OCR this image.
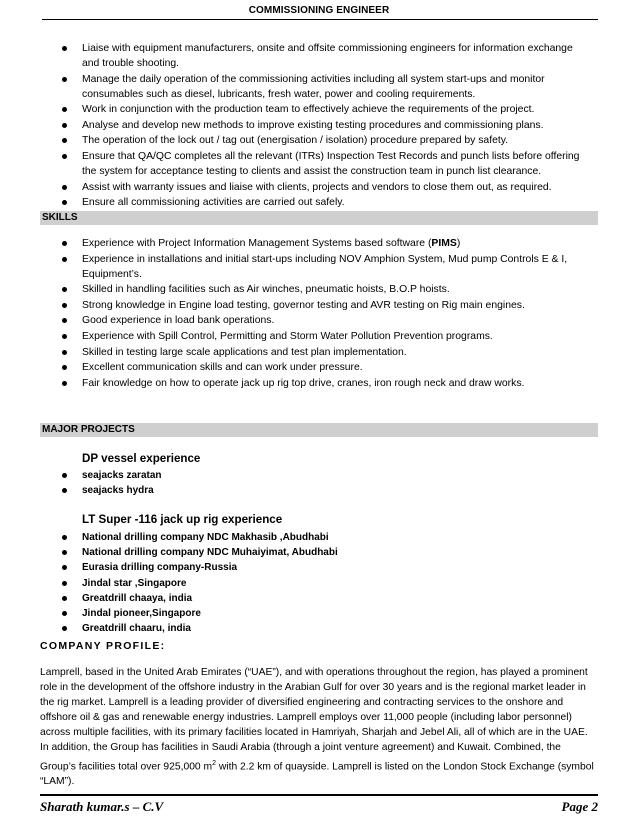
COMMISSIONING ENGINEER
Liaise with equipment manufacturers, onsite and offsite commissioning engineers for information exchange and trouble shooting.
Manage the daily operation of the commissioning activities including all system start-ups and monitor consumables such as diesel, lubricants, fresh water, power and cooling requirements.
Work in conjunction with the production team to effectively achieve the requirements of the project.
Analyse and develop new methods to improve existing testing procedures and commissioning plans.
The operation of the lock out / tag out (energisation / isolation) procedure prepared by safety.
Ensure that QA/QC completes all the relevant (ITRs) Inspection Test Records and punch lists before offering the system for acceptance testing to clients and assist the construction team in punch list clearance.
Assist with warranty issues and liaise with clients, projects and vendors to close them out, as required.
Ensure all commissioning activities are carried out safely.
SKILLS
Experience with Project Information Management Systems based software (PIMS)
Experience in installations and initial start-ups including NOV Amphion System, Mud pump Controls E & I, Equipment’s.
Skilled in handling facilities such as Air winches, pneumatic hoists, B.O.P hoists.
Strong knowledge in Engine load testing, governor testing and AVR testing on Rig main engines.
Good experience in load bank operations.
Experience with Spill Control, Permitting and Storm Water Pollution Prevention programs.
Skilled in testing large scale applications and test plan implementation.
Excellent communication skills and can work under pressure.
Fair knowledge on how to operate jack up rig top drive, cranes, iron rough neck and draw works.
MAJOR PROJECTS
DP vessel experience
seajacks zaratan
seajacks hydra
LT Super -116 jack up rig experience
National drilling company NDC Makhasib ,Abudhabi
National drilling company NDC Muhaiyimat, Abudhabi
Eurasia drilling company-Russia
Jindal star ,Singapore
Greatdrill chaaya, india
Jindal pioneer,Singapore
Greatdrill chaaru, india
COMPANY PROFILE:

Lamprell, based in the United Arab Emirates (“UAE”), and with operations throughout the region, has played a prominent role in the development of the offshore industry in the Arabian Gulf for over 30 years and is the regional market leader in the rig market. Lamprell is a leading provider of diversified engineering and contracting services to the onshore and offshore oil & gas and renewable energy industries. Lamprell employs over 11,000 people (including labor personnel) across multiple facilities, with its primary facilities located in Hamriyah, Sharjah and Jebel Ali, all of which are in the UAE. In addition, the Group has facilities in Saudi Arabia (through a joint venture agreement) and Kuwait. Combined, the Group’s facilities total over 925,000 $m^2$ with 2.2 km of quayside. Lamprell is listed on the London Stock Exchange (symbol “LAM”).

Sharath kumar.s – C.V	Page 2
